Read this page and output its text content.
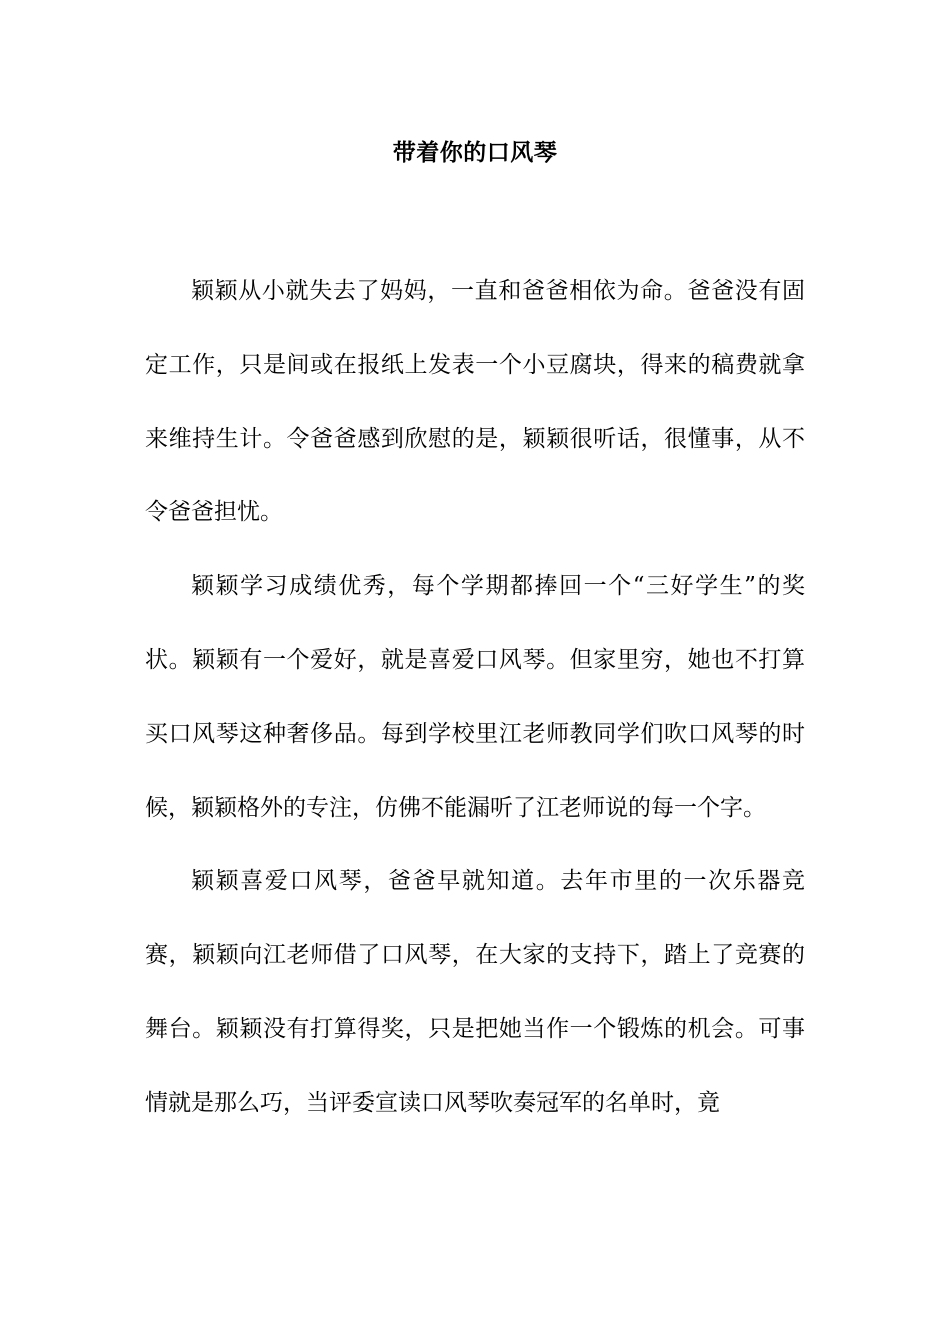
带着你的口风琴

颖颖从小就失去了妈妈，一直和爸爸相依为命。爸爸没有固定工作，只是间或在报纸上发表一个小豆腐块，得来的稿费就拿来维持生计。令爸爸感到欣慰的是，颖颖很听话，很懂事，从不令爸爸担忧。

颖颖学习成绩优秀，每个学期都捧回一个“三好学生”的奖状。颖颖有一个爱好，就是喜爱口风琴。但家里穷，她也不打算买口风琴这种奢侈品。每到学校里江老师教同学们吹口风琴的时候，颖颖格外的专注，仿佛不能漏听了江老师说的每一个字。

颖颖喜爱口风琴，爸爸早就知道。去年市里的一次乐器竞赛，颖颖向江老师借了口风琴，在大家的支持下，踏上了竞赛的舞台。颖颖没有打算得奖，只是把她当作一个锻炼的机会。可事情就是那么巧，当评委宣读口风琴吹奏冠军的名单时，竟
